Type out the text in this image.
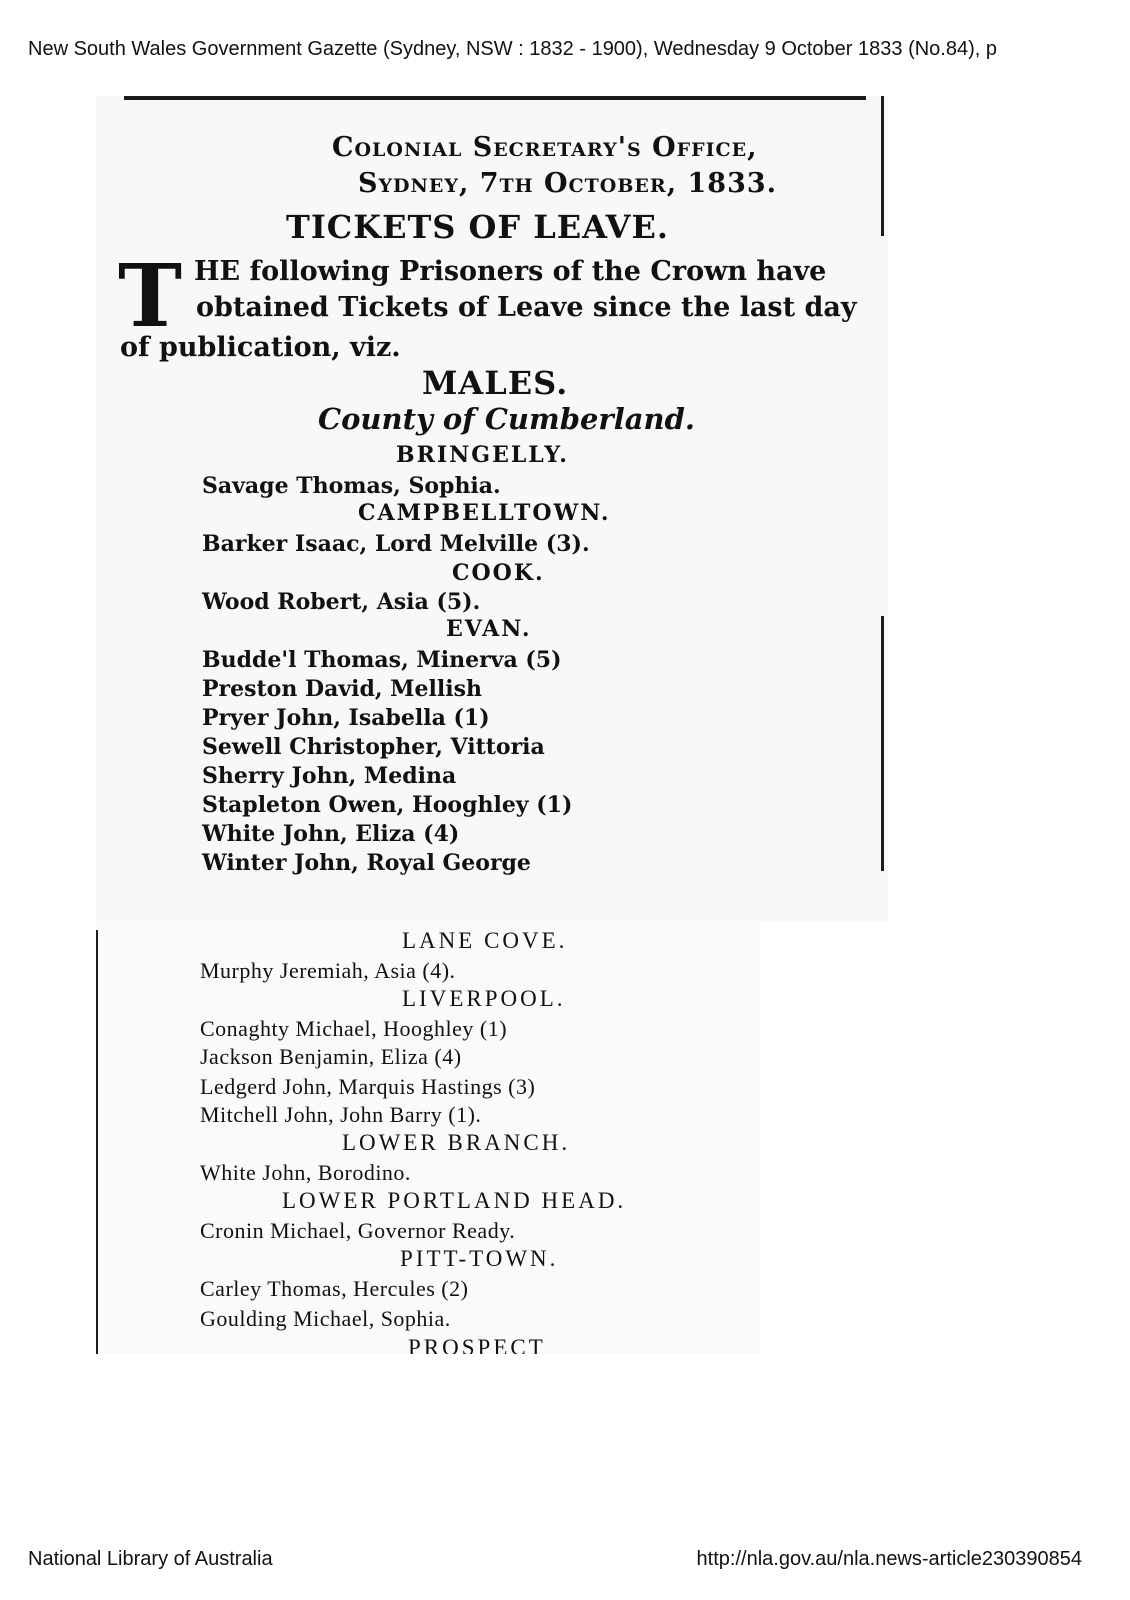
New South Wales Government Gazette (Sydney, NSW : 1832 - 1900), Wednesday 9 October 1833 (No.84), p
Colonial Secretary's Office,
Sydney, 7th October, 1833.
TICKETS OF LEAVE.
T HE following Prisoners of the Crown have
obtained Tickets of Leave since the last day
of publication, viz.
MALES.
County of Cumberland.
BRINGELLY.
Savage Thomas, Sophia.
CAMPBELLTOWN.
Barker Isaac, Lord Melville (3).
COOK.
Wood Robert, Asia (5).
EVAN.
Budde'l Thomas, Minerva (5)
Preston David, Mellish
Pryer John, Isabella (1)
Sewell Christopher, Vittoria
Sherry John, Medina
Stapleton Owen, Hooghley (1)
White John, Eliza (4)
Winter John, Royal George
LANE COVE.
Murphy Jeremiah, Asia (4).
LIVERPOOL.
Conaghty Michael, Hooghley (1)
Jackson Benjamin, Eliza (4)
Ledgerd John, Marquis Hastings (3)
Mitchell John, John Barry (1).
LOWER BRANCH.
White John, Borodino.
LOWER PORTLAND HEAD.
Cronin Michael, Governor Ready.
PITT-TOWN.
Carley Thomas, Hercules (2)
Goulding Michael, Sophia.
PROSPECT
National Library of Australia	http://nla.gov.au/nla.news-article230390854
